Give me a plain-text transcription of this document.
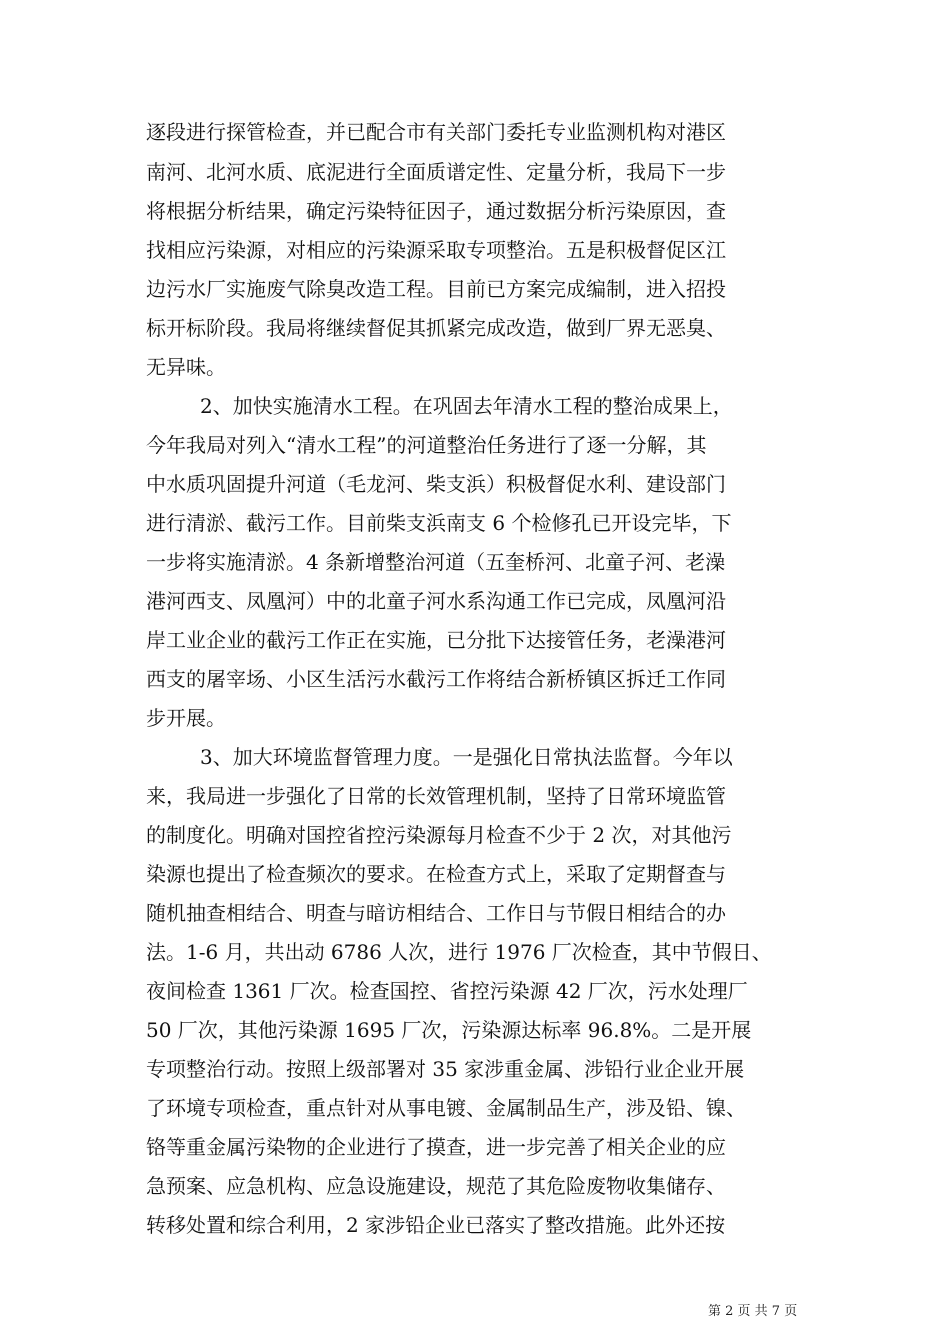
逐段进行探管检查，并已配合市有关部门委托专业监测机构对港区
南河、北河水质、底泥进行全面质谱定性、定量分析，我局下一步
将根据分析结果，确定污染特征因子，通过数据分析污染原因，查
找相应污染源，对相应的污染源采取专项整治。五是积极督促区江
边污水厂实施废气除臭改造工程。目前已方案完成编制，进入招投
标开标阶段。我局将继续督促其抓紧完成改造，做到厂界无恶臭、
无异味。
2、加快实施清水工程。在巩固去年清水工程的整治成果上，
今年我局对列入“清水工程”的河道整治任务进行了逐一分解，其
中水质巩固提升河道（毛龙河、柴支浜）积极督促水利、建设部门
进行清淤、截污工作。目前柴支浜南支 6 个检修孔已开设完毕，下
一步将实施清淤。4 条新增整治河道（五奎桥河、北童子河、老澡
港河西支、凤凰河）中的北童子河水系沟通工作已完成，凤凰河沿
岸工业企业的截污工作正在实施，已分批下达接管任务，老澡港河
西支的屠宰场、小区生活污水截污工作将结合新桥镇区拆迁工作同
步开展。
3、加大环境监督管理力度。一是强化日常执法监督。今年以
来，我局进一步强化了日常的长效管理机制，坚持了日常环境监管
的制度化。明确对国控省控污染源每月检查不少于 2 次，对其他污
染源也提出了检查频次的要求。在检查方式上，采取了定期督查与
随机抽查相结合、明查与暗访相结合、工作日与节假日相结合的办
法。1-6 月，共出动 6786 人次，进行 1976 厂次检查，其中节假日、
夜间检查 1361 厂次。检查国控、省控污染源 42 厂次，污水处理厂
50 厂次，其他污染源 1695 厂次，污染源达标率 96.8%。二是开展
专项整治行动。按照上级部署对 35 家涉重金属、涉铅行业企业开展
了环境专项检查，重点针对从事电镀、金属制品生产，涉及铅、镍、
铬等重金属污染物的企业进行了摸查，进一步完善了相关企业的应
急预案、应急机构、应急设施建设，规范了其危险废物收集储存、
转移处置和综合利用，2 家涉铅企业已落实了整改措施。此外还按
第 2 页 共 7 页
